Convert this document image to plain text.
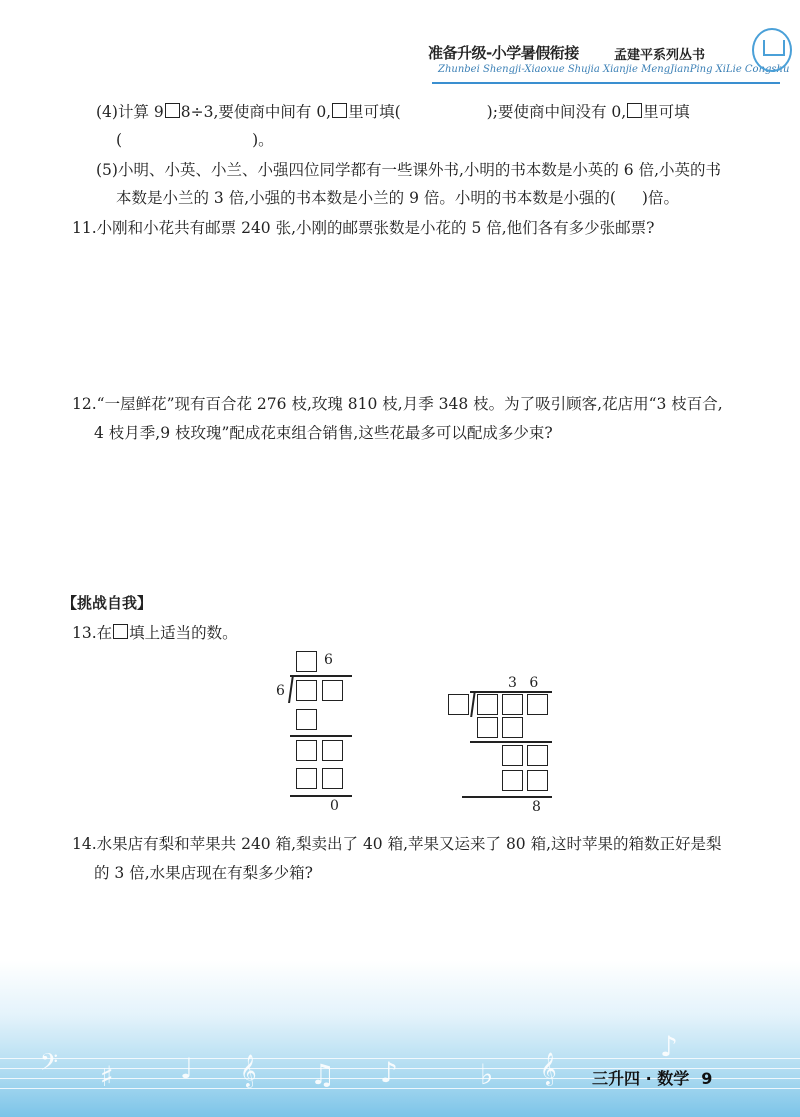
准备升级-小学暑假衔接	孟建平系列丛书
Zhunbei Shengji-Xiaoxue Shujia Xianjie MengJianPing XiLie Congshu
(4)计算 9 8÷3,要使商中间有 0, 里可填(	);要使商中间没有 0, 里可填
(	)。
(5)小明、小英、小兰、小强四位同学都有一些课外书,小明的书本数是小英的 6 倍,小英的书
本数是小兰的 3 倍,小强的书本数是小兰的 9 倍。小明的书本数是小强的( )倍。
11.小刚和小花共有邮票 240 张,小刚的邮票张数是小花的 5 倍,他们各有多少张邮票?
12.“一屋鲜花”现有百合花 276 枝,玫瑰 810 枝,月季 348 枝。为了吸引顾客,花店用“3 枝百合,
4 枝月季,9 枝玫瑰”配成花束组合销售,这些花最多可以配成多少束?
【挑战自我】
13.在 填上适当的数。
6
6
0
3 6
8
14.水果店有梨和苹果共 240 箱,梨卖出了 40 箱,苹果又运来了 80 箱,这时苹果的箱数正好是梨
的 3 倍,水果店现在有梨多少箱?
𝄢 ♯ ♩ 𝄞 ♫ ♪	♭ 𝄞
♪
三升四 · 数学 9
